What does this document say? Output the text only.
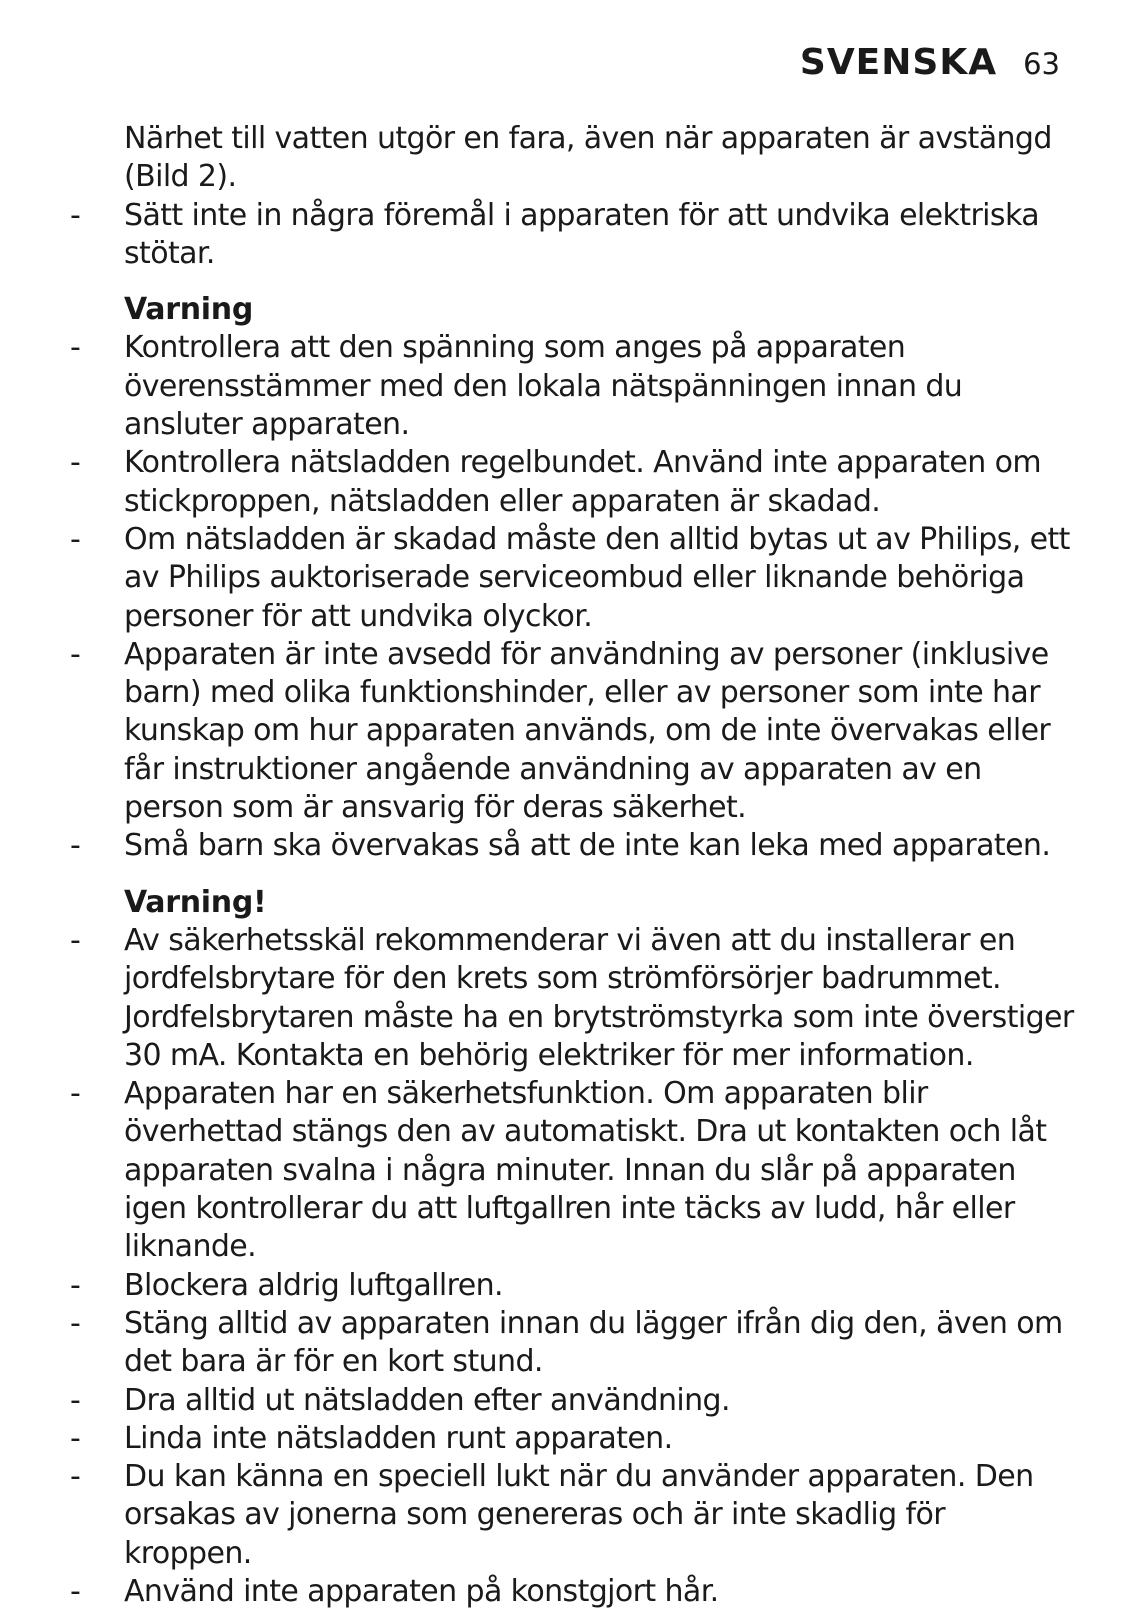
SVENSKA 63

Närhet till vatten utgör en fara, även när apparaten är avstängd (Bild 2).

- Sätt inte in några föremål i apparaten för att undvika elektriska stötar.
Varning
- Kontrollera att den spänning som anges på apparaten överensstämmer med den lokala nätspänningen innan du ansluter apparaten.
- Kontrollera nätsladden regelbundet. Använd inte apparaten om stickproppen, nätsladden eller apparaten är skadad.
- Om nätsladden är skadad måste den alltid bytas ut av Philips, ett av Philips auktoriserade serviceombud eller liknande behöriga personer för att undvika olyckor.
- Apparaten är inte avsedd för användning av personer (inklusive barn) med olika funktionshinder, eller av personer som inte har kunskap om hur apparaten används, om de inte övervakas eller får instruktioner angående användning av apparaten av en person som är ansvarig för deras säkerhet.
- Små barn ska övervakas så att de inte kan leka med apparaten.
Varning!
- Av säkerhetsskäl rekommenderar vi även att du installerar en jordfelsbrytare för den krets som strömförsörjer badrummet. Jordfelsbrytaren måste ha en brytströmstyrka som inte överstiger 30 mA. Kontakta en behörig elektriker för mer information.
- Apparaten har en säkerhetsfunktion. Om apparaten blir överhettad stängs den av automatiskt. Dra ut kontakten och låt apparaten svalna i några minuter. Innan du slår på apparaten igen kontrollerar du att luftgallren inte täcks av ludd, hår eller liknande.
- Blockera aldrig luftgallren.
- Stäng alltid av apparaten innan du lägger ifrån dig den, även om det bara är för en kort stund.
- Dra alltid ut nätsladden efter användning.
- Linda inte nätsladden runt apparaten.
- Du kan känna en speciell lukt när du använder apparaten. Den orsakas av jonerna som genereras och är inte skadlig för kroppen.
- Använd inte apparaten på konstgjort hår.
